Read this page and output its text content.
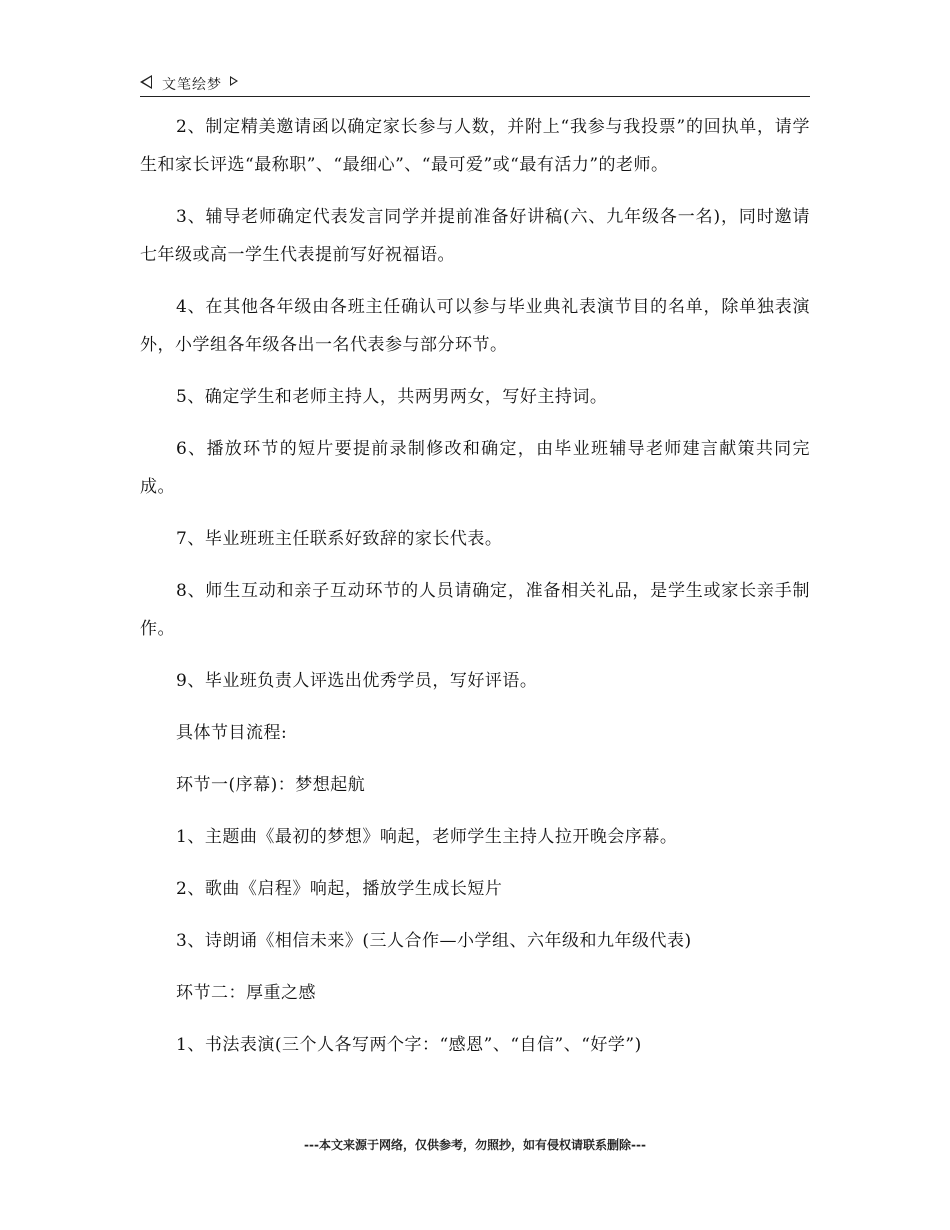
文笔绘梦

2、制定精美邀请函以确定家长参与人数，并附上“我参与我投票”的回执单，请学生和家长评选“最称职”、“最细心”、“最可爱”或“最有活力”的老师。

3、辅导老师确定代表发言同学并提前准备好讲稿(六、九年级各一名)，同时邀请七年级或高一学生代表提前写好祝福语。

4、在其他各年级由各班主任确认可以参与毕业典礼表演节目的名单，除单独表演外，小学组各年级各出一名代表参与部分环节。

5、确定学生和老师主持人，共两男两女，写好主持词。

6、播放环节的短片要提前录制修改和确定，由毕业班辅导老师建言献策共同完成。

7、毕业班班主任联系好致辞的家长代表。

8、师生互动和亲子互动环节的人员请确定，准备相关礼品，是学生或家长亲手制作。

9、毕业班负责人评选出优秀学员，写好评语。

具体节目流程:

环节一(序幕)：梦想起航

1、主题曲《最初的梦想》响起，老师学生主持人拉开晚会序幕。

2、歌曲《启程》响起，播放学生成长短片

3、诗朗诵《相信未来》(三人合作—小学组、六年级和九年级代表)

环节二：厚重之感

1、书法表演(三个人各写两个字：“感恩”、“自信”、“好学”)

---本文来源于网络，仅供参考，勿照抄，如有侵权请联系删除---
